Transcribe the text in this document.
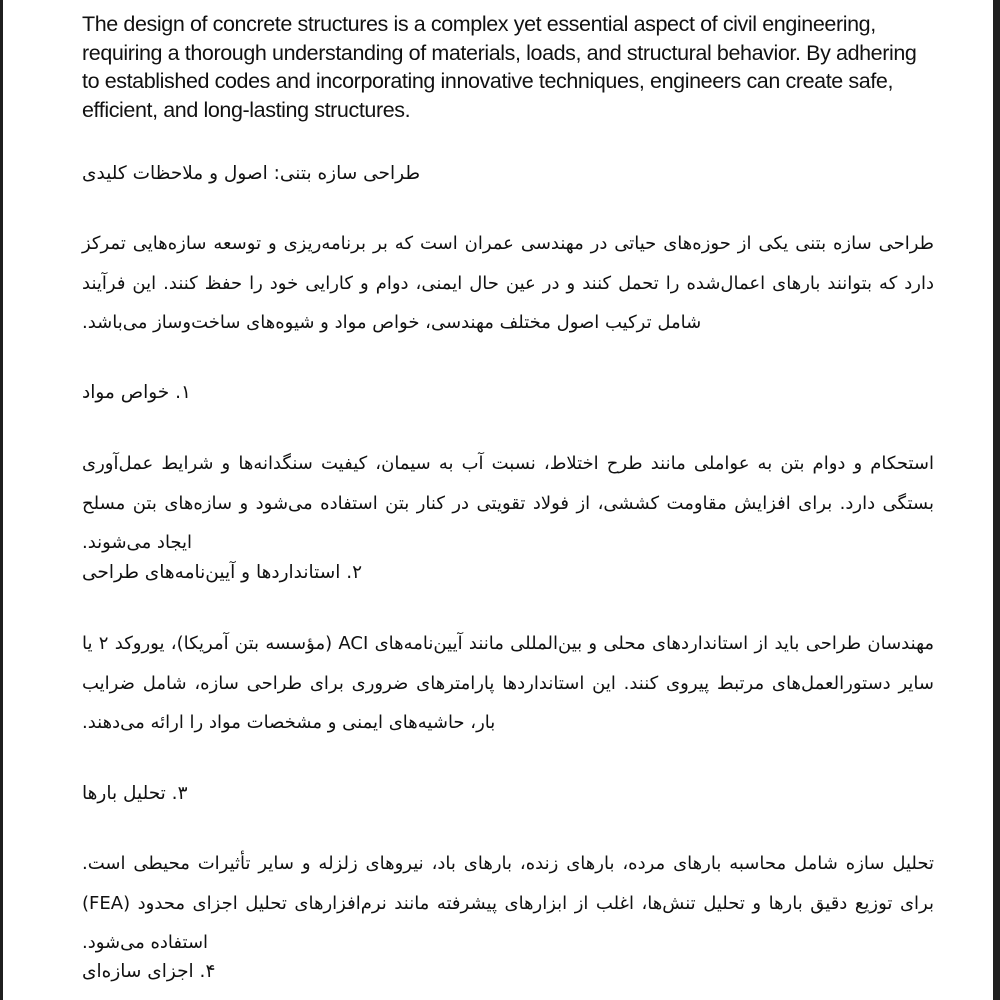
The design of concrete structures is a complex yet essential aspect of civil engineering, requiring a thorough understanding of materials, loads, and structural behavior. By adhering to established codes and incorporating innovative techniques, engineers can create safe, efficient, and long-lasting structures.

طراحی سازه بتنی: اصول و ملاحظات کلیدی

طراحی سازه بتنی یکی از حوزه‌های حیاتی در مهندسی عمران است که بر برنامه‌ریزی و توسعه سازه‌هایی تمرکز دارد که بتوانند بارهای اعمال‌شده را تحمل کنند و در عین حال ایمنی، دوام و کارایی خود را حفظ کنند. این فرآیند شامل ترکیب اصول مختلف مهندسی، خواص مواد و شیوه‌های ساخت‌وساز می‌باشد.

۱. خواص مواد

استحکام و دوام بتن به عواملی مانند طرح اختلاط، نسبت آب به سیمان، کیفیت سنگدانه‌ها و شرایط عمل‌آوری بستگی دارد. برای افزایش مقاومت کششی، از فولاد تقویتی در کنار بتن استفاده می‌شود و سازه‌های بتن مسلح ایجاد می‌شوند.

۲. استانداردها و آیین‌نامه‌های طراحی

مهندسان طراحی باید از استانداردهای محلی و بین‌المللی مانند آیین‌نامه‌های ACI (مؤسسه بتن آمریکا)، یوروکد ۲ یا سایر دستورالعمل‌های مرتبط پیروی کنند. این استانداردها پارامترهای ضروری برای طراحی سازه، شامل ضرایب بار، حاشیه‌های ایمنی و مشخصات مواد را ارائه می‌دهند.

۳. تحلیل بارها

تحلیل سازه شامل محاسبه بارهای مرده، بارهای زنده، بارهای باد، نیروهای زلزله و سایر تأثیرات محیطی است. برای توزیع دقیق بارها و تحلیل تنش‌ها، اغلب از ابزارهای پیشرفته مانند نرم‌افزارهای تحلیل اجزای محدود (FEA) استفاده می‌شود.

۴. اجزای سازه‌ای
